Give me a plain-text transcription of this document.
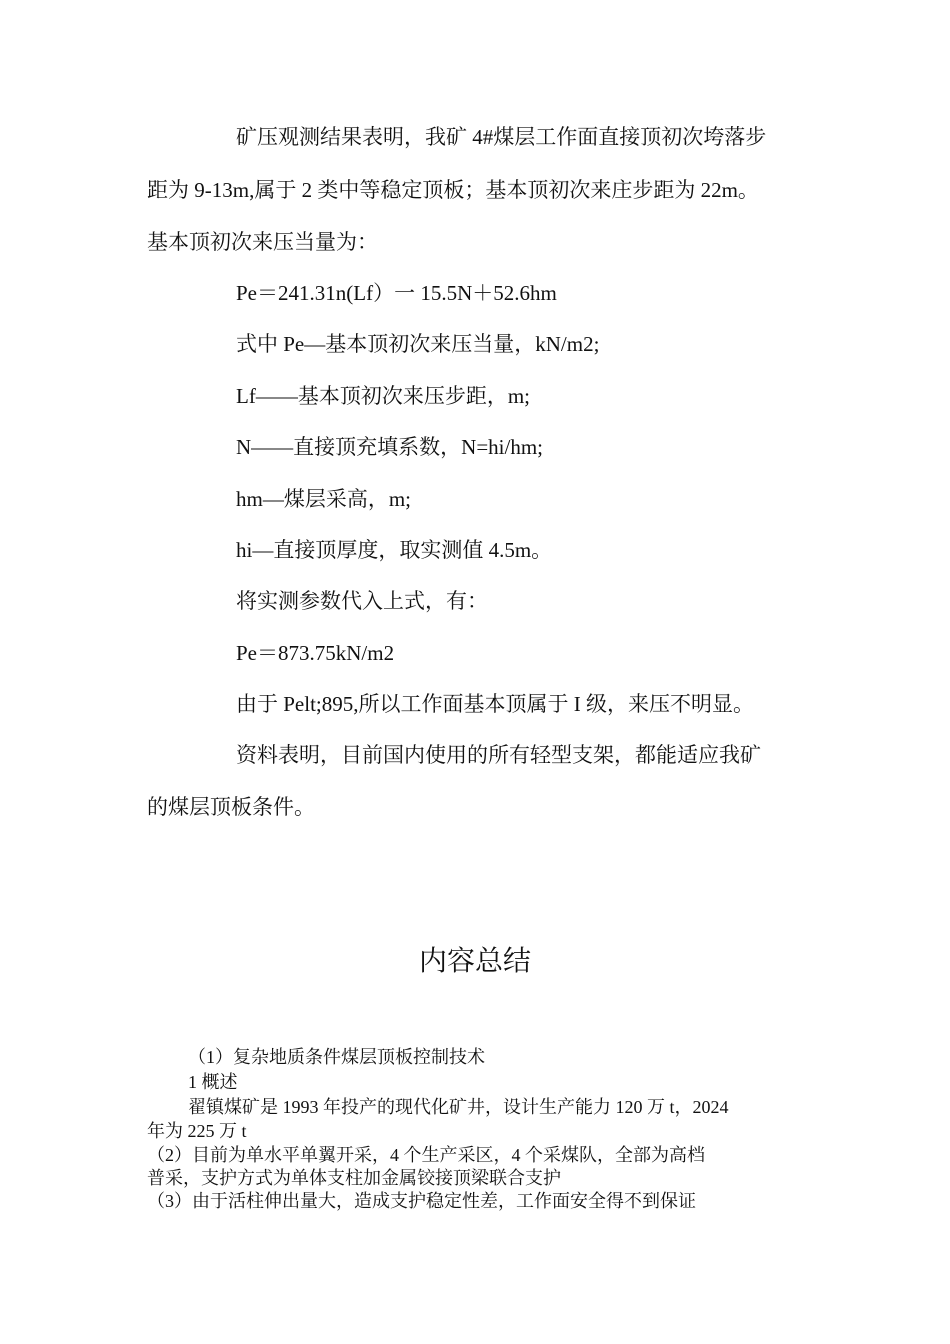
矿压观测结果表明，我矿 4#煤层工作面直接顶初次垮落步
距为 9-13m,属于 2 类中等稳定顶板；基本顶初次来庄步距为 22m。
基本顶初次来压当量为：
Pe＝241.31n(Lf）一 15.5N＋52.6hm
式中 Pe—基本顶初次来压当量，kN/m2;
Lf——基本顶初次来压步距，m;
N——直接顶充填系数，N=hi/hm;
hm—煤层采高，m;
hi—直接顶厚度，取实测值 4.5m。
将实测参数代入上式，有：
Pe＝873.75kN/m2
由于 Pelt;895,所以工作面基本顶属于 I 级，来压不明显。
资料表明，目前国内使用的所有轻型支架，都能适应我矿
的煤层顶板条件。
内容总结
（1）复杂地质条件煤层顶板控制技术
1 概述
翟镇煤矿是 1993 年投产的现代化矿井，设计生产能力 120 万 t，2024
年为 225 万 t
（2）目前为单水平单翼开采，4 个生产采区，4 个采煤队，全部为高档
普采，支护方式为单体支柱加金属铰接顶梁联合支护
（3）由于活柱伸出量大，造成支护稳定性差，工作面安全得不到保证
